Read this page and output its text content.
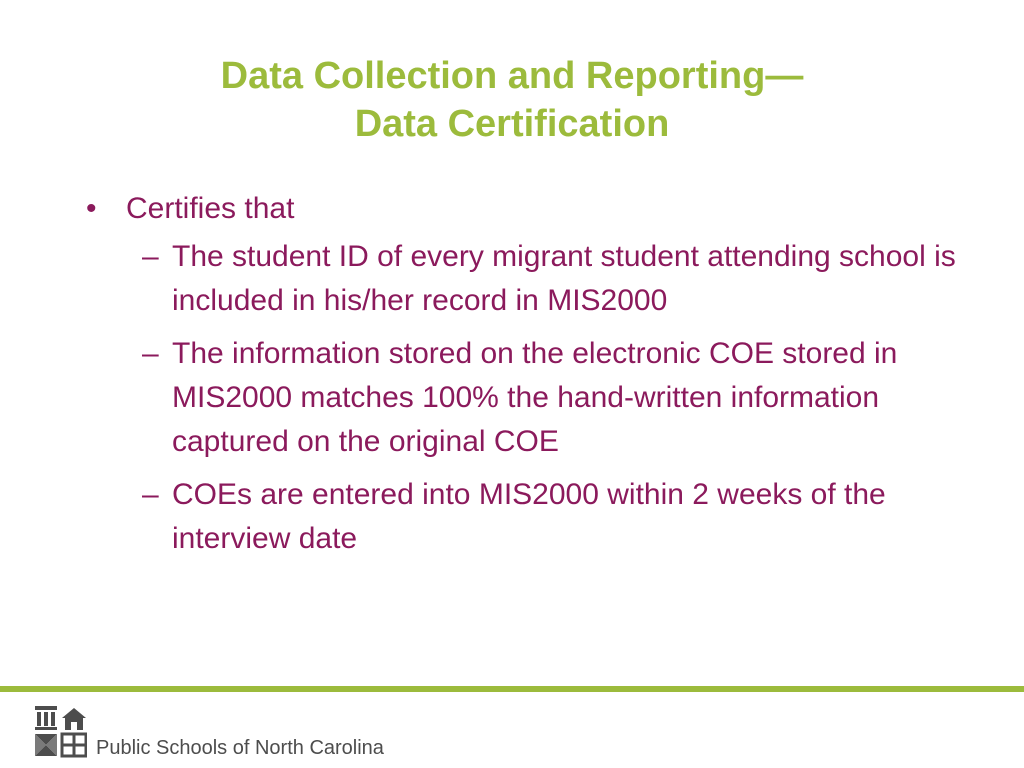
Data Collection and Reporting—
Data Certification
• Certifies that
– The student ID of every migrant student attending school is included in his/her record in MIS2000
– The information stored on the electronic COE stored in MIS2000 matches 100% the hand-written information captured on the original COE
– COEs are entered into MIS2000 within 2 weeks of the interview date
Public Schools of North Carolina
